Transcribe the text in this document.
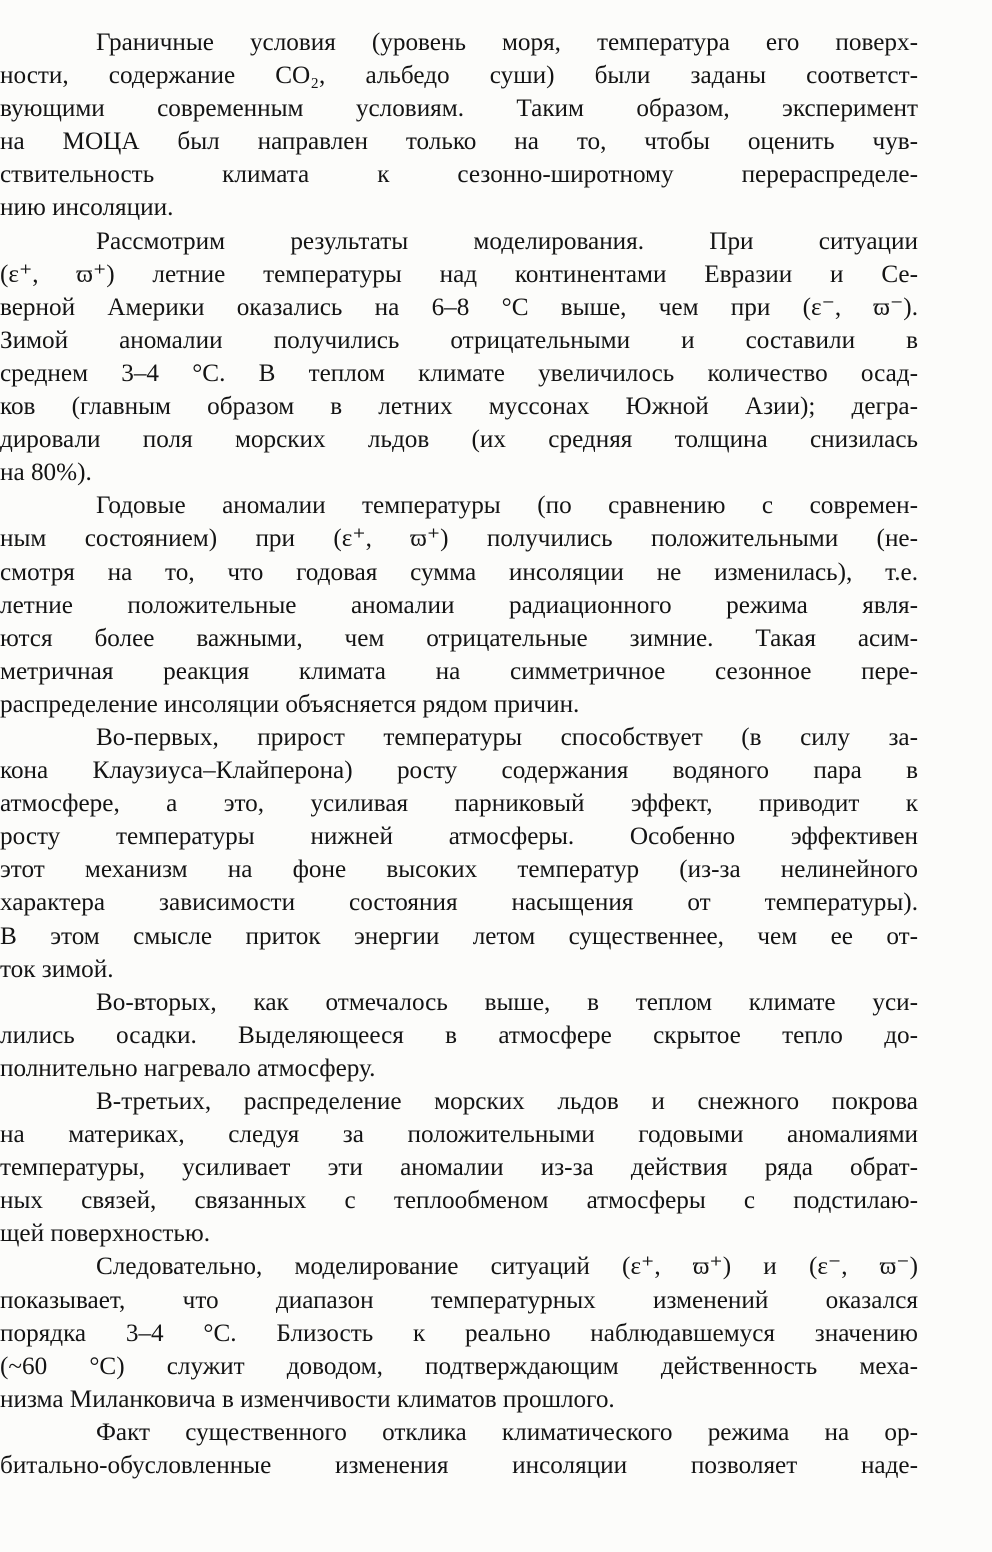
Граничные условия (уровень моря, температура его поверх-
ности, содержание CO₂, альбедо суши) были заданы соответст-
вующими современным условиям. Таким образом, эксперимент
на МОЦА был направлен только на то, чтобы оценить чув-
ствительность климата к сезонно-широтному перераспределе-
нию инсоляции.
Рассмотрим результаты моделирования. При ситуации
(ε⁺, ϖ⁺) летние температуры над континентами Евразии и Се-
верной Америки оказались на 6–8 °C выше, чем при (ε⁻, ϖ⁻).
Зимой аномалии получились отрицательными и составили в
среднем 3–4 °C. В теплом климате увеличилось количество осад-
ков (главным образом в летних муссонах Южной Азии); дегра-
дировали поля морских льдов (их средняя толщина снизилась
на 80%).
Годовые аномалии температуры (по сравнению с современ-
ным состоянием) при (ε⁺, ϖ⁺) получились положительными (не-
смотря на то, что годовая сумма инсоляции не изменилась), т.е.
летние положительные аномалии радиационного режима явля-
ются более важными, чем отрицательные зимние. Такая асим-
метричная реакция климата на симметричное сезонное пере-
распределение инсоляции объясняется рядом причин.
Во-первых, прирост температуры способствует (в силу за-
кона Клаузиуса–Клайперона) росту содержания водяного пара в
атмосфере, а это, усиливая парниковый эффект, приводит к
росту температуры нижней атмосферы. Особенно эффективен
этот механизм на фоне высоких температур (из-за нелинейного
характера зависимости состояния насыщения от температуры).
В этом смысле приток энергии летом существеннее, чем ее от-
ток зимой.
Во-вторых, как отмечалось выше, в теплом климате уси-
лились осадки. Выделяющееся в атмосфере скрытое тепло до-
полнительно нагревало атмосферу.
В-третьих, распределение морских льдов и снежного покрова
на материках, следуя за положительными годовыми аномалиями
температуры, усиливает эти аномалии из-за действия ряда обрат-
ных связей, связанных с теплообменом атмосферы с подстилаю-
щей поверхностью.
Следовательно, моделирование ситуаций (ε⁺, ϖ⁺) и (ε⁻, ϖ⁻)
показывает, что диапазон температурных изменений оказался
порядка 3–4 °C. Близость к реально наблюдавшемуся значению
(~60 °C) служит доводом, подтверждающим действенность меха-
низма Миланковича в изменчивости климатов прошлого.
Факт существенного отклика климатического режима на ор-
битально-обусловленные изменения инсоляции позволяет наде-
